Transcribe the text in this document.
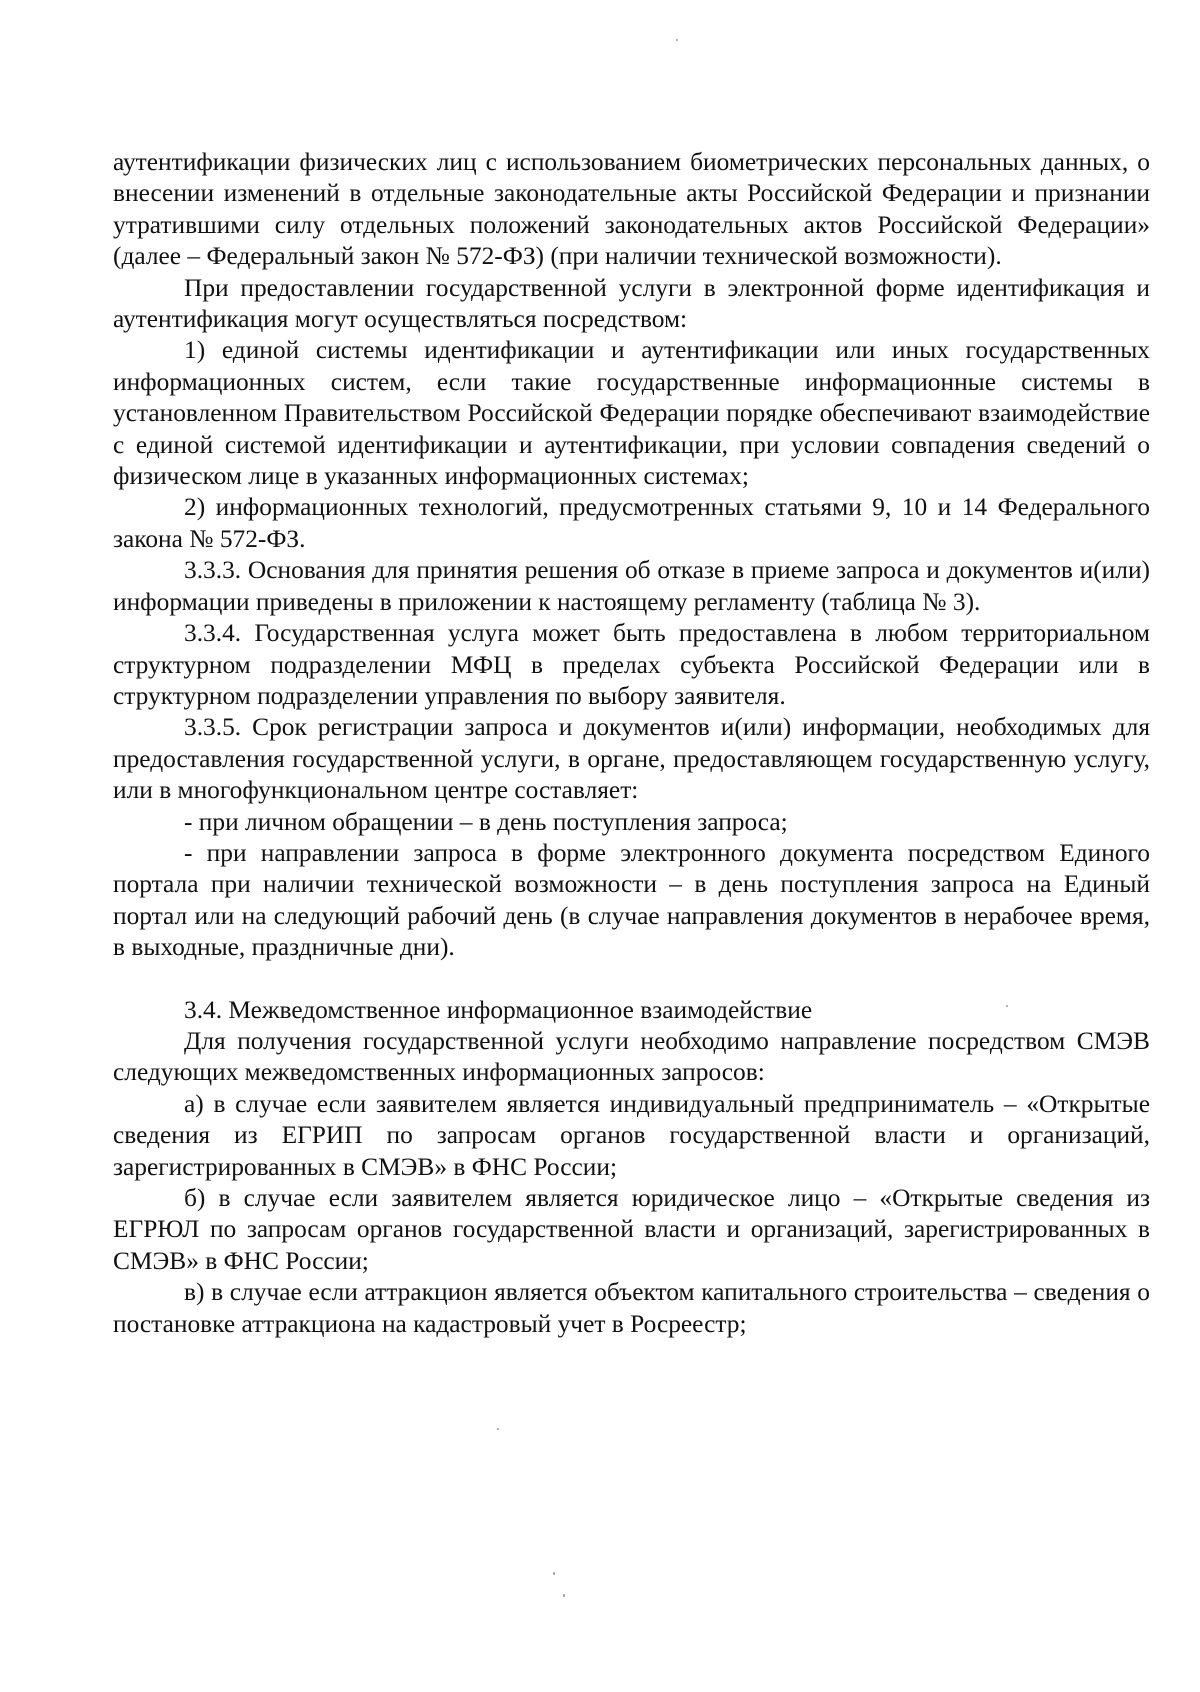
аутентификации физических лиц с использованием биометрических персональных данных, о внесении изменений в отдельные законодательные акты Российской Федерации и признании утратившими силу отдельных положений законодательных актов Российской Федерации» (далее – Федеральный закон № 572-ФЗ) (при наличии технической возможности).

При предоставлении государственной услуги в электронной форме идентификация и аутентификация могут осуществляться посредством:

1) единой системы идентификации и аутентификации или иных государственных информационных систем, если такие государственные информационные системы в установленном Правительством Российской Федерации порядке обеспечивают взаимодействие с единой системой идентификации и аутентификации, при условии совпадения сведений о физическом лице в указанных информационных системах;

2) информационных технологий, предусмотренных статьями 9, 10 и 14 Федерального закона № 572-ФЗ.

3.3.3. Основания для принятия решения об отказе в приеме запроса и документов и(или) информации приведены в приложении к настоящему регламенту (таблица № 3).

3.3.4. Государственная услуга может быть предоставлена в любом территориальном структурном подразделении МФЦ в пределах субъекта Российской Федерации или в структурном подразделении управления по выбору заявителя.

3.3.5. Срок регистрации запроса и документов и(или) информации, необходимых для предоставления государственной услуги, в органе, предоставляющем государственную услугу, или в многофункциональном центре составляет:

- при личном обращении – в день поступления запроса;

- при направлении запроса в форме электронного документа посредством Единого портала при наличии технической возможности – в день поступления запроса на Единый портал или на следующий рабочий день (в случае направления документов в нерабочее время, в выходные, праздничные дни).

3.4. Межведомственное информационное взаимодействие

Для получения государственной услуги необходимо направление посредством СМЭВ следующих межведомственных информационных запросов:

а) в случае если заявителем является индивидуальный предприниматель – «Открытые сведения из ЕГРИП по запросам органов государственной власти и организаций, зарегистрированных в СМЭВ» в ФНС России;

б) в случае если заявителем является юридическое лицо – «Открытые сведения из ЕГРЮЛ по запросам органов государственной власти и организаций, зарегистрированных в СМЭВ» в ФНС России;

в) в случае если аттракцион является объектом капитального строительства – сведения о постановке аттракциона на кадастровый учет в Росреестр;
